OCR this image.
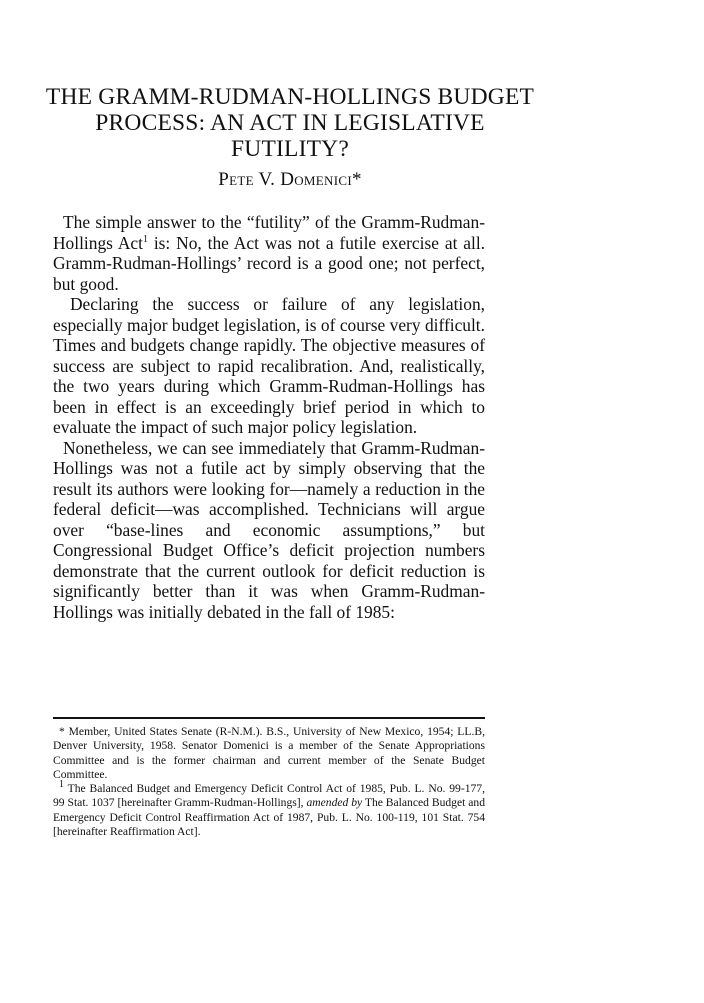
THE GRAMM-RUDMAN-HOLLINGS BUDGET
PROCESS: AN ACT IN LEGISLATIVE
FUTILITY?
Pete V. Domenici*

The simple answer to the “futility” of the Gramm-Rudman-Hollings Act$^1$ is: No, the Act was not a futile exercise at all. Gramm-Rudman-Hollings’ record is a good one; not perfect, but good.

Declaring the success or failure of any legislation, especially major budget legislation, is of course very difficult. Times and budgets change rapidly. The objective measures of success are subject to rapid recalibration. And, realistically, the two years during which Gramm-Rudman-Hollings has been in effect is an exceedingly brief period in which to evaluate the impact of such major policy legislation.

Nonetheless, we can see immediately that Gramm-Rudman-Hollings was not a futile act by simply observing that the result its authors were looking for—namely a reduction in the federal deficit—was accomplished. Technicians will argue over “base-lines and economic assumptions,” but Congressional Budget Office’s deficit projection numbers demonstrate that the current outlook for deficit reduction is significantly better than it was when Gramm-Rudman-Hollings was initially debated in the fall of 1985:

* Member, United States Senate (R-N.M.). B.S., University of New Mexico, 1954; LL.B, Denver University, 1958. Senator Domenici is a member of the Senate Appropriations Committee and is the former chairman and current member of the Senate Budget Committee.

$^1$ The Balanced Budget and Emergency Deficit Control Act of 1985, Pub. L. No. 99-177, 99 Stat. 1037 [hereinafter Gramm-Rudman-Hollings], amended by The Balanced Budget and Emergency Deficit Control Reaffirmation Act of 1987, Pub. L. No. 100-119, 101 Stat. 754 [hereinafter Reaffirmation Act].
